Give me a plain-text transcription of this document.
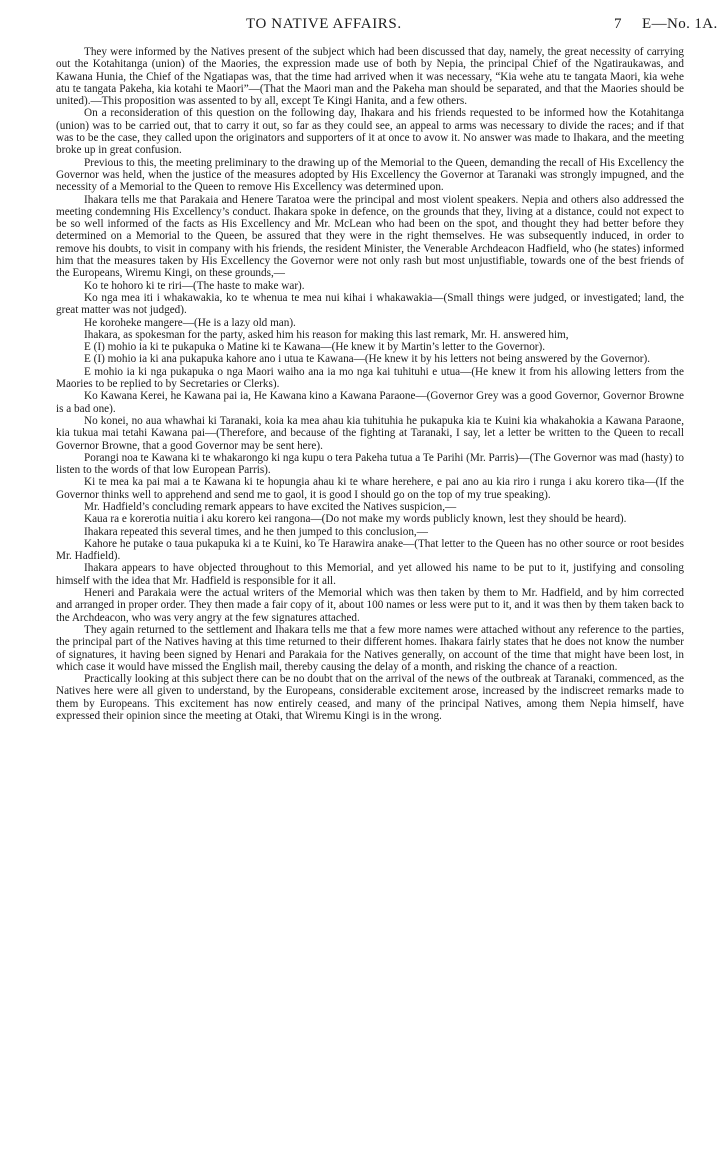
TO NATIVE AFFAIRS.	7 E—No. 1A.

They were informed by the Natives present of the subject which had been discussed that day, namely, the great necessity of carrying out the Kotahitanga (union) of the Maories, the expression made use of both by Nepia, the principal Chief of the Ngatiraukawas, and Kawana Hunia, the Chief of the Ngatiapas was, that the time had arrived when it was necessary, “Kia wehe atu te tangata Maori, kia wehe atu te tangata Pakeha, kia kotahi te Maori”—(That the Maori man and the Pakeha man should be separated, and that the Maories should be united).—This proposition was assented to by all, except Te Kingi Hanita, and a few others.

On a reconsideration of this question on the following day, Ihakara and his friends requested to be informed how the Kotahitanga (union) was to be carried out, that to carry it out, so far as they could see, an appeal to arms was necessary to divide the races; and if that was to be the case, they called upon the originators and supporters of it at once to avow it. No answer was made to Ihakara, and the meeting broke up in great confusion.

Previous to this, the meeting preliminary to the drawing up of the Memorial to the Queen, demanding the recall of His Excellency the Governor was held, when the justice of the measures adopted by His Excellency the Governor at Taranaki was strongly impugned, and the necessity of a Memorial to the Queen to remove His Excellency was determined upon.

Ihakara tells me that Parakaia and Henere Taratoa were the principal and most violent speakers. Nepia and others also addressed the meeting condemning His Excellency’s conduct. Ihakara spoke in defence, on the grounds that they, living at a distance, could not expect to be so well informed of the facts as His Excellency and Mr. McLean who had been on the spot, and thought they had better before they determined on a Memorial to the Queen, be assured that they were in the right themselves. He was subsequently induced, in order to remove his doubts, to visit in company with his friends, the resident Minister, the Venerable Archdeacon Hadfield, who (he states) informed him that the measures taken by His Excellency the Governor were not only rash but most unjustifiable, towards one of the best friends of the Europeans, Wiremu Kingi, on these grounds,—

Ko te hohoro ki te riri—(The haste to make war).

Ko nga mea iti i whakawakia, ko te whenua te mea nui kihai i whakawakia—(Small things were judged, or investigated; land, the great matter was not judged).

He koroheke mangere—(He is a lazy old man).

Ihakara, as spokesman for the party, asked him his reason for making this last remark, Mr. H. answered him,

E (I) mohio ia ki te pukapuka o Matine ki te Kawana—(He knew it by Martin’s letter to the Governor).

E (I) mohio ia ki ana pukapuka kahore ano i utua te Kawana—(He knew it by his letters not being answered by the Governor).

E mohio ia ki nga pukapuka o nga Maori waiho ana ia mo nga kai tuhituhi e utua—(He knew it from his allowing letters from the Maories to be replied to by Secretaries or Clerks).

Ko Kawana Kerei, he Kawana pai ia, He Kawana kino a Kawana Paraone—(Governor Grey was a good Governor, Governor Browne is a bad one).

No konei, no aua whawhai ki Taranaki, koia ka mea ahau kia tuhituhia he pukapuka kia te Kuini kia whakahokia a Kawana Paraone, kia tukua mai tetahi Kawana pai—(Therefore, and because of the fighting at Taranaki, I say, let a letter be written to the Queen to recall Governor Browne, that a good Governor may be sent here).

Porangi noa te Kawana ki te whakarongo ki nga kupu o tera Pakeha tutua a Te Parihi (Mr. Parris)—(The Governor was mad (hasty) to listen to the words of that low European Parris).

Ki te mea ka pai mai a te Kawana ki te hopungia ahau ki te whare herehere, e pai ano au kia riro i runga i aku korero tika—(If the Governor thinks well to apprehend and send me to gaol, it is good I should go on the top of my true speaking).

Mr. Hadfield’s concluding remark appears to have excited the Natives suspicion,—

Kaua ra e korerotia nuitia i aku korero kei rangona—(Do not make my words publicly known, lest they should be heard).

Ihakara repeated this several times, and he then jumped to this conclusion,—

Kahore he putake o taua pukapuka ki a te Kuini, ko Te Harawira anake—(That letter to the Queen has no other source or root besides Mr. Hadfield).

Ihakara appears to have objected throughout to this Memorial, and yet allowed his name to be put to it, justifying and consoling himself with the idea that Mr. Hadfield is responsible for it all.

Heneri and Parakaia were the actual writers of the Memorial which was then taken by them to Mr. Hadfield, and by him corrected and arranged in proper order. They then made a fair copy of it, about 100 names or less were put to it, and it was then by them taken back to the Archdeacon, who was very angry at the few signatures attached.

They again returned to the settlement and Ihakara tells me that a few more names were attached without any reference to the parties, the principal part of the Natives having at this time returned to their different homes. Ihakara fairly states that he does not know the number of signatures, it having been signed by Henari and Parakaia for the Natives generally, on account of the time that might have been lost, in which case it would have missed the English mail, thereby causing the delay of a month, and risking the chance of a reaction.

Practically looking at this subject there can be no doubt that on the arrival of the news of the outbreak at Taranaki, commenced, as the Natives here were all given to understand, by the Europeans, considerable excitement arose, increased by the indiscreet remarks made to them by Europeans. This excitement has now entirely ceased, and many of the principal Natives, among them Nepia himself, have expressed their opinion since the meeting at Otaki, that Wiremu Kingi is in the wrong.
